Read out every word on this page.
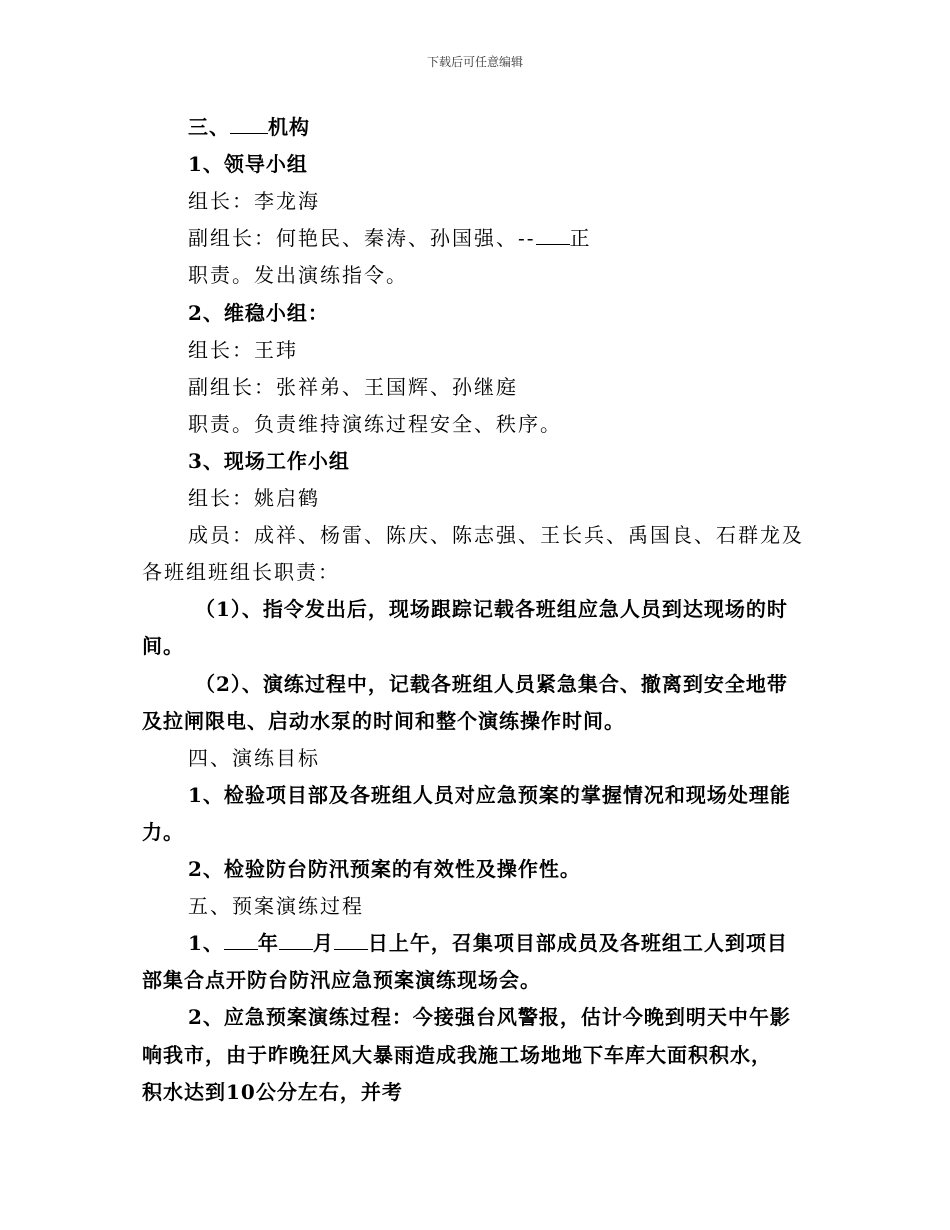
下载后可任意编辑
三、 机构
1、领导小组
组长：李龙海
副组长：何艳民、秦涛、孙国强、-- 正
职责。发出演练指令。
2、维稳小组：
组长：王玮
副组长：张祥弟、王国辉、孙继庭
职责。负责维持演练过程安全、秩序。
3、现场工作小组
组长：姚启鹤
成员：成祥、杨雷、陈庆、陈志强、王长兵、禹国良、石群龙及
各班组班组长职责：
（1）、指令发出后，现场跟踪记载各班组应急人员到达现场的时
间。
（2）、演练过程中，记载各班组人员紧急集合、撤离到安全地带
及拉闸限电、启动水泵的时间和整个演练操作时间。
四、演练目标
1、检验项目部及各班组人员对应急预案的掌握情况和现场处理能
力。
2、检验防台防汛预案的有效性及操作性。
五、预案演练过程
1、 年 月 日上午，召集项目部成员及各班组工人到项目
部集合点开防台防汛应急预案演练现场会。
2、应急预案演练过程：今接强台风警报，估计今晚到明天中午影
响我市，由于昨晚狂风大暴雨造成我施工场地地下车库大面积积水，
积水达到10公分左右，并考
